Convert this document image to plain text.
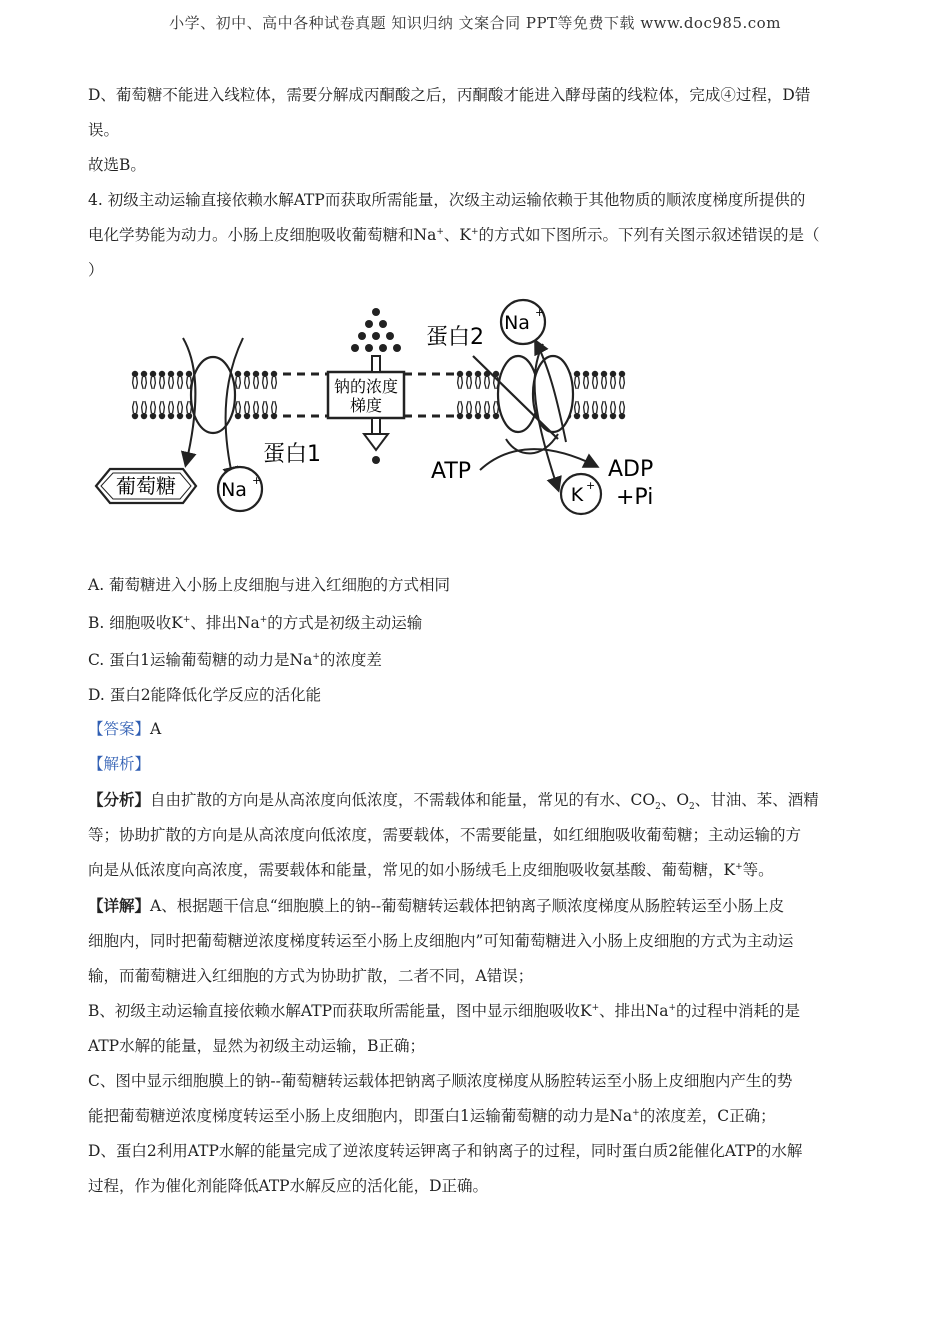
小学、初中、高中各种试卷真题 知识归纳 文案合同 PPT等免费下载 www.doc985.com

D、葡萄糖不能进入线粒体，需要分解成丙酮酸之后，丙酮酸才能进入酵母菌的线粒体，完成④过程，D错

误。

故选B。

4. 初级主动运输直接依赖水解ATP而获取所需能量，次级主动运输依赖于其他物质的顺浓度梯度所提供的

电化学势能为动力。小肠上皮细胞吸收葡萄糖和Na+、K+的方式如下图所示。下列有关图示叙述错误的是（

）

钠的浓度
梯度
蛋白1
葡萄糖 Na +
蛋白2
Na +
ATP	ADP
+Pi
K +

A. 葡萄糖进入小肠上皮细胞与进入红细胞的方式相同

B. 细胞吸收K+、排出Na+的方式是初级主动运输

C. 蛋白1运输葡萄糖的动力是Na+的浓度差

D. 蛋白2能降低化学反应的活化能

【答案】A

【解析】

【分析】自由扩散的方向是从高浓度向低浓度，不需载体和能量，常见的有水、$CO_2$、$O_2$、甘油、苯、酒精

等；协助扩散的方向是从高浓度向低浓度，需要载体，不需要能量，如红细胞吸收葡萄糖；主动运输的方

向是从低浓度向高浓度，需要载体和能量，常见的如小肠绒毛上皮细胞吸收氨基酸、葡萄糖，K+等。

【详解】A、根据题干信息“细胞膜上的钠--葡萄糖转运载体把钠离子顺浓度梯度从肠腔转运至小肠上皮

细胞内，同时把葡萄糖逆浓度梯度转运至小肠上皮细胞内”可知葡萄糖进入小肠上皮细胞的方式为主动运

输，而葡萄糖进入红细胞的方式为协助扩散，二者不同，A错误；

B、初级主动运输直接依赖水解ATP而获取所需能量，图中显示细胞吸收K+、排出Na+的过程中消耗的是

ATP水解的能量，显然为初级主动运输，B正确；

C、图中显示细胞膜上的钠--葡萄糖转运载体把钠离子顺浓度梯度从肠腔转运至小肠上皮细胞内产生的势

能把葡萄糖逆浓度梯度转运至小肠上皮细胞内，即蛋白1运输葡萄糖的动力是Na+的浓度差，C正确；

D、蛋白2利用ATP水解的能量完成了逆浓度转运钾离子和钠离子的过程，同时蛋白质2能催化ATP的水解

过程，作为催化剂能降低ATP水解反应的活化能，D正确。
